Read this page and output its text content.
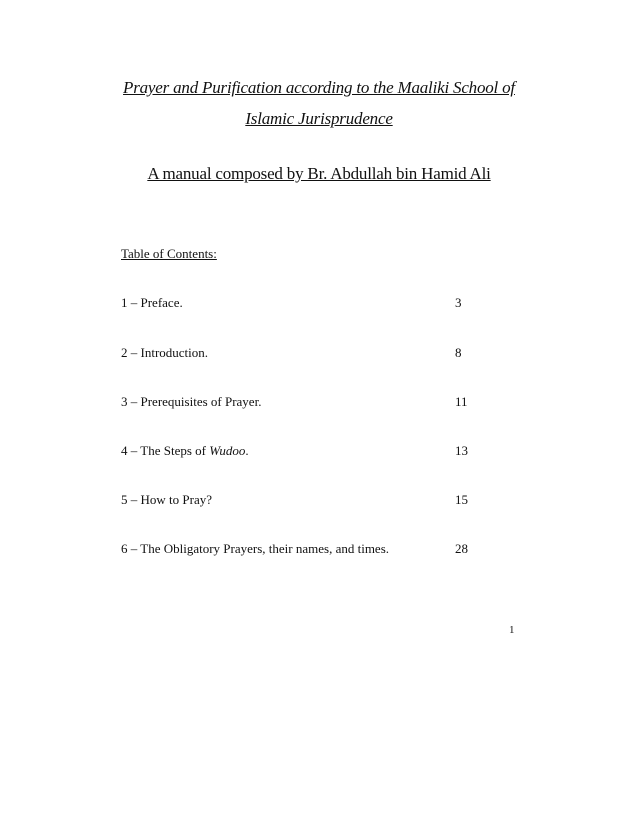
Prayer and Purification according to the Maaliki School of
Islamic Jurisprudence
A manual composed by Br. Abdullah bin Hamid Ali
Table of Contents:
1 – Preface.	3
2 – Introduction.	8
3 – Prerequisites of Prayer.	11
4 – The Steps of Wudoo.	13
5 – How to Pray?	15
6 – The Obligatory Prayers, their names, and times.	28
1
